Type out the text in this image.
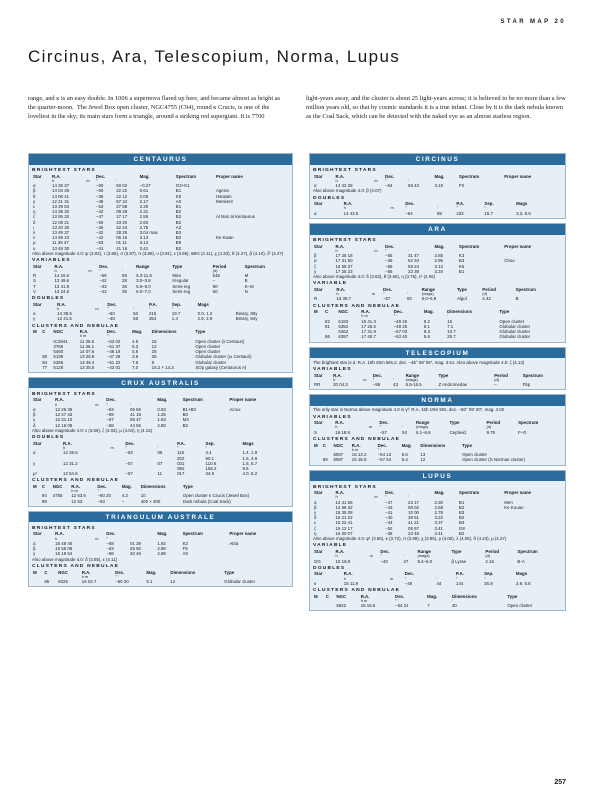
STAR MAP 20
Circinus, Ara, Telescopium, Norma, Lupus

range, and κ is an easy double. In 1006 a supernova flared up here, and became almost as bright as the quarter-moon.  The Jewel Box open cluster, NGC4755 (C94), round κ Crucis, is one of the loveliest in the sky; its main stars form a triangle, around a striking red supergiant. It is 7700

light-years away, and the cluster is about 25 light-years across; it is believed to be no more than a few million years old, so that by cosmic standards it is a true infant. Close by it is the dark nebula known as the Coal Sack, which can be detected with the naked eye as an almost starless region.

CENTAURUS
BRIGHTEST STARS
Star	R.A.		Dec.		Mag.	Spectrum	Proper name
	h	m	°	′			
α	14 39 37		−60	50 02	−0.27	G2+K1	
β	14 03 49		−60	22 22	0.61	B1	Agena
θ	14 06 41		−36	22 12	2.06	K0	Haratan
γ	12 21 31		−48	57 34	2.17	A0	Menkent
ε	13 39 53		−53	27 58	2.30	B1	
η	14 35 30		−42	09 28	2.31	B2	
ζ	13 55 32		−47	17 17	2.55	B2	Al Nair al Kentaurus
δ	12 08 21		−50	43 20	2.60	B2	
ι	13 20 36		−36	42 44	2.75	A2	
λ	13 49 37		−42	28 25	3.04 max	B3	
ν	14 59 10		−42	06 15	3.13	B2	Ke Kwan
μ	11 35 47		−63	01 11	3.13	B9	
υ	13 49 30		−41	41 16	3.41	B2	
Also above magnitude 4.0: ψ (3.83), τ (3.86), σ (3.87), π (3.89), υ (3.91), ε (3.95), 6BG (4.11), χ (4.33), θ (4.27), β (4.10), ξ² (4.27)
VARIABLES
Star	R.A.		Dec.		Range	Type	Period	Spectrum
	h	m	°	′			(d)	
R	14 16.6		−59	55	5.3‑11.8	Mira	546	M
S	13 49.6		−42	28	3.0–3.8	Irregular	–	B
T	13 41.8		−33	36	5.5–9.0	Semi-reg	90	K–M
V	13 24.6		−43	35	6.0–7.0	Semi-reg	60	N
DOUBLES
Star	R.A.		Dec.		P.A.	Sep.	Mags	
	h	m	°	′	°	″		
α	14 39.6		−60	50	215	19.7	0.0, 1.2	Binary, 80y
γ	12 41.5		−48	58	353	1.4	2.9, 2.9	Binary, 84y
CLUSTERS AND NEBULAE
M	C	NGC	R.A.	Dec.	Mag.	Dimensions	Type
			h m	° ′		′	
		IC2944	11 36.6	−63 02	4.5	15	Open cluster (λ Centauri)
		3766	11 36.1	−61 37	5.3	12	Open cluster
		5460	14 07.6	−48 19	5.6	25	Open cluster
	80	5139	13 26.8	−47 29	3.6	36	Globular cluster (ω Centauri)
	84	5286	13 46.4	−51 22	7.6	9	Globular cluster
	77	5128	13 25.5	−43 01	7.0	18.2 × 14.3	SOp galaxy (Centaurus A)
CRUX AUSTRALIS
BRIGHTEST STARS
Star	R.A.		Dec.		Mag.	Spectrum	Proper name
	h	m	°	′			
α	12 26 36		−63	05 56	0.83	B1+B3	Acrux
β	12 47 43		−59	41 19	1.25	B0	
γ	12 31 10		−57	06 47	1.63	M3	
δ	12 15 09		−58	44 56	2.80	B2	
Also above magnitude 4.0: ε (3.59), ζ (4.03), μ (4.04), η (4.15)
DOUBLES
Star	R.A.		Dec.		P.A.	Sep.	Mags
	h	m	°	′	°	″	
α	12 26.6		−63	06	115	4.4	1.4, 1.9
					202	90.1	1.5, 4.9
γ	12 31.2		−57	07	031	110.6	1.6, 6.7
					082	155.2	9.5
μ¹	12 54.6		−57	11	017	34.9	4.0, 5.2
CLUSTERS AND NEBULAE
M	C	NGC	R.A.	Dec.	Mag.	Dimensions	Type
			h m	° ′		′	
	94	4755	12 53.6	−60 20	4.2	10	Open cluster κ Crucis (Jewel Box)
	99		12 53	−63	–	400 × 300	Dark nebula (Coal Sack)
TRIANGULUM AUSTRALE
BRIGHTEST STARS
Star	R.A.		Dec.		Mag.	Spectrum	Proper name
	h	m	°	′			
α	16 48 40		−69	01 39	1.92	K2	Atria
β	15 55 08		−63	25 50	2.85	F5	
γ	15 18 54		−68	40 46	2.89	A0	
Also above magnitude 4.0: δ (3.85), ε (4.11)
CLUSTERS AND NEBULAE
M	C	NGC	R.A.	Dec.	Mag.	Dimensions	Type
			h m	° ′		′	
	95	6025	16 03.7	−60 30	5.1	12	Globular cluster
CIRCINUS
BRIGHTEST STARS
Star	R.A.		Dec.		Mag.	Spectrum	Proper name
	h	m	°	′			
α	14 42 28		−64	58 43	3.19	F0	
Also above magnitude 4.0: β (4.07)
DOUBLES
Star	R.A.		Dec.		P.A.	Sep.	Mags
	h	m	°	′	°	″	
α	14 42.5		−64	59	232	15.7	3.2, 8.6
ARA
BRIGHTEST STARS
Star	R.A.		Dec.		Mag.	Spectrum	Proper name
	h	m	°	′			
β	17 25 18		−55	31 47	2.85	K3	
α	17 31 50		−49	52 34	2.95	B3	Choo
ζ	16 58 37		−55	59 24	3.13	K5	
γ	17 25 23		−56	22 39	3.34	B1	
Also above magnitude 4.0: δ (3.62), θ (3.66), η (3.76), ε¹ (4.06)
VARIABLE
Star	R.A.		Dec.		Range	Type	Period	Spectrum
	h	m	°	′	(mags)		(d)	
R	16 39.7		−57	00	6.0–6.9	Algol	4.42	B
CLUSTERS AND NEBULAE
M	C	NGC	R.A.	Dec.	Mag.	Dimensions	Type
			h m	° ′		′	
	82	6193	16 41.3	−48 46	5.2	15	Open cluster
	81	6352	17 25.5	−48 25	8.1	7.1	Globular cluster
		6362	17 31.9	−67 03	8.3	10.7	Globular cluster
	86	6397	17 40.7	−53 40	5.6	25.7	Globular cluster
TELESCOPIUM
The brightest star is α: R.A. 18h 26m 58s.2, dec. −45° 58′ 06″, mag. 3.51. Also above magnitude 4.0: ζ (4.13)
VARIABLES
Star	R.A.		Dec.		Range	Type	Period	Spectrum
	h	m	°	′	(mags)		(d)	
RR	20 04.3		−55	43	6.5‑16.5	Z Andromedae	–	F5p
NORMA
The only star in Norma above magnitude 4.0 is γ²: R.A. 16h 19m 50s, dec. −50° 09′ 20″, mag. 4.02
VARIABLES
Star	R.A.		Dec.		Range	Type	Period	Spectrum
	h	m	°	′	(mags)		(d)	
S	16 18.9		−57	54	6.1–6.8	Cepheid	9.75	F–G
CLUSTERS AND NEBULAE
M	C	NGC	R.A.	Dec.	Mag.	Dimensions	Type
			h m	° ′		′	
		6067	16 13.2	−54 13	5.6	13	Open cluster
	89	6087	16 18.9	−57 54	5.4	12	Open cluster (S Normae cluster)
LUPUS
BRIGHTEST STARS
Star	R.A.		Dec.		Mag.	Spectrum	Proper name
	h	m	°	′			
α	14 41 56		−47	23 17	2.30	B1	Men
β	14 58 32		−43	08 02	2.68	B2	Ke Kouan
γ	15 35 08		−41	10 00	2.78	B3	
δ	15 21 22		−40	38 51	3.22	B2	
ε	15 22 41		−44	41 21	3.37	B3	
ζ	15 12 17		−52	05 57	3.41	G8	
η	16 00 07		−38	23 48	3.41	B2	
Also above magnitude 4.0: φ¹ (3.56), κ (3.72), π (3.89), χ (3.95), ρ (4.05), λ (4.05), θ (4.23), μ (4.27)
VARIABLE
Star	R.A.		Dec.		Range	Type	Period	Spectrum
	h	m	°	′	(mags)		(d)	
GG	15 18.9		−40	47	5.4–6.0	β Lyrae	2.16	B‑A
DOUBLES
Star	R.A.		Dec.		P.A.	Sep.	Mags
	h	m	°	′	°	″	
κ	15 11.9		−48	44	144	26.8	3.9, 5.8
CLUSTERS AND NEBULAE
M	C	NGC	R.A.	Dec.	Mag.	Dimensions	Type
			h m	° ′		′	
		5822	15 18.6	−54 21	7	40	Open cluster
257
